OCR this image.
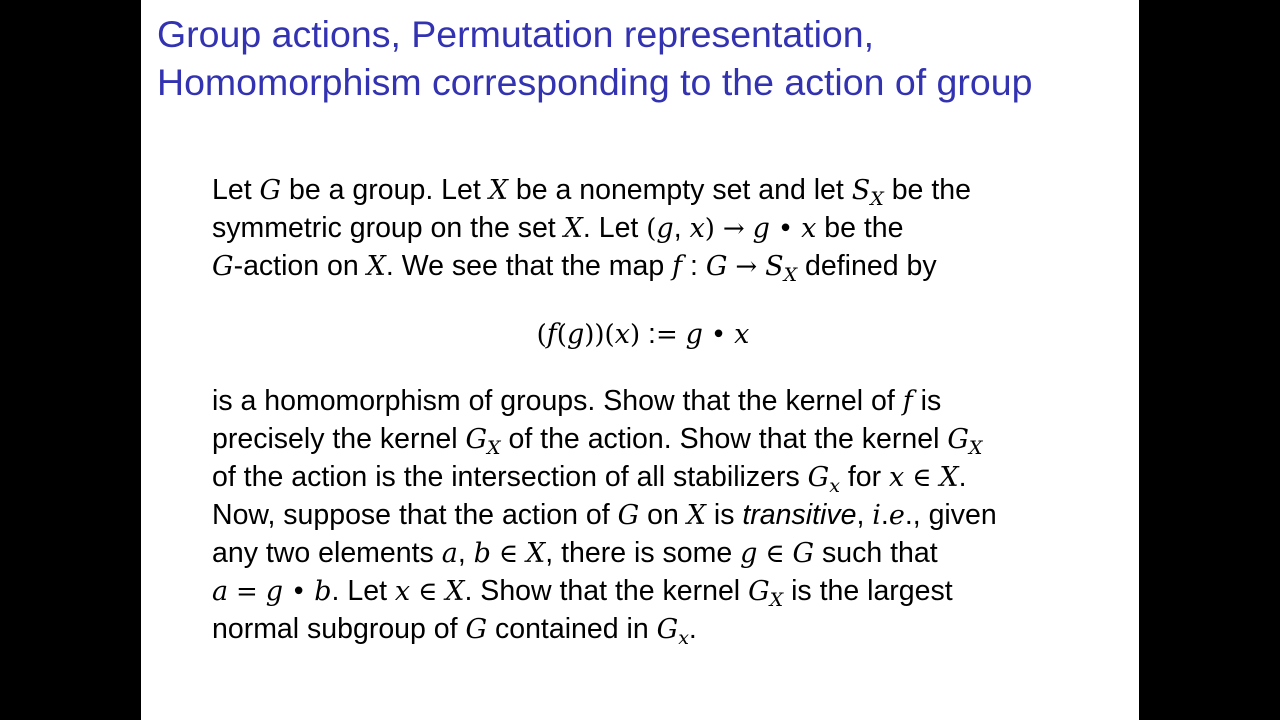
Group actions, Permutation representation,
Homomorphism corresponding to the action of group
Let G be a group. Let X be a nonempty set and let $S_X$ be the
symmetric group on the set X. Let (g, x) → g • x be the
G-action on X. We see that the map f : $G \to S_X$ defined by
(f(g))(x) := g • x
is a homomorphism of groups. Show that the kernel of f is
precisely the kernel $G_X$ of the action. Show that the kernel $G_X$
of the action is the intersection of all stabilizers $G_x$ for x ∈ X.
Now, suppose that the action of G on X is transitive, i.e., given
any two elements a, b ∈ X, there is some g ∈ G such that
a = g • b. Let x ∈ X. Show that the kernel $G_X$ is the largest
normal subgroup of G contained in $G_x$.
